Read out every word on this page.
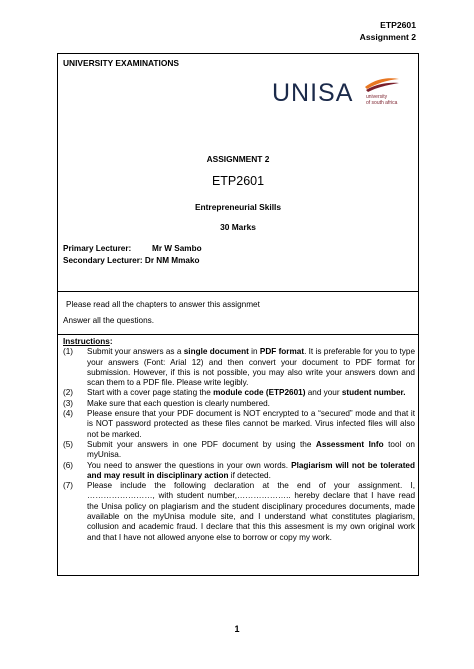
ETP2601
Assignment 2
UNIVERSITY EXAMINATIONS
UNISA	university
of south africa
ASSIGNMENT 2
ETP2601
Entrepreneurial Skills
30 Marks
Primary Lecturer:	Mr W Sambo
Secondary Lecturer: Dr NM Mmako
Please read all the chapters to answer this assignmet
Answer all the questions.
Instructions:
(1)	Submit your answers as a single document in PDF format. It is preferable for you to type your answers (Font: Arial 12) and then convert your document to PDF format for submission. However, if this is not possible, you may also write your answers down and scan them to a PDF file. Please write legibly.
(2)	Start with a cover page stating the module code (ETP2601) and your student number.
(3)	Make sure that each question is clearly numbered.
(4)	Please ensure that your PDF document is NOT encrypted to a “secured” mode and that it is NOT password protected as these files cannot be marked. Virus infected files will also not be marked.
(5)	Submit your answers in one PDF document by using the Assessment Info tool on myUnisa.
(6)	You need to answer the questions in your own words. Plagiarism will not be tolerated and may result in disciplinary action if detected.
(7)	Please include the following declaration at the end of your assignment. I, ……………………, with student number,……………….. hereby declare that I have read the Unisa policy on plagiarism and the student disciplinary procedures documents, made available on the myUnisa module site, and I understand what constitutes plagiarism, collusion and academic fraud. I declare that this this assesment is my own original work and that I have not allowed anyone else to borrow or copy my work.
1
